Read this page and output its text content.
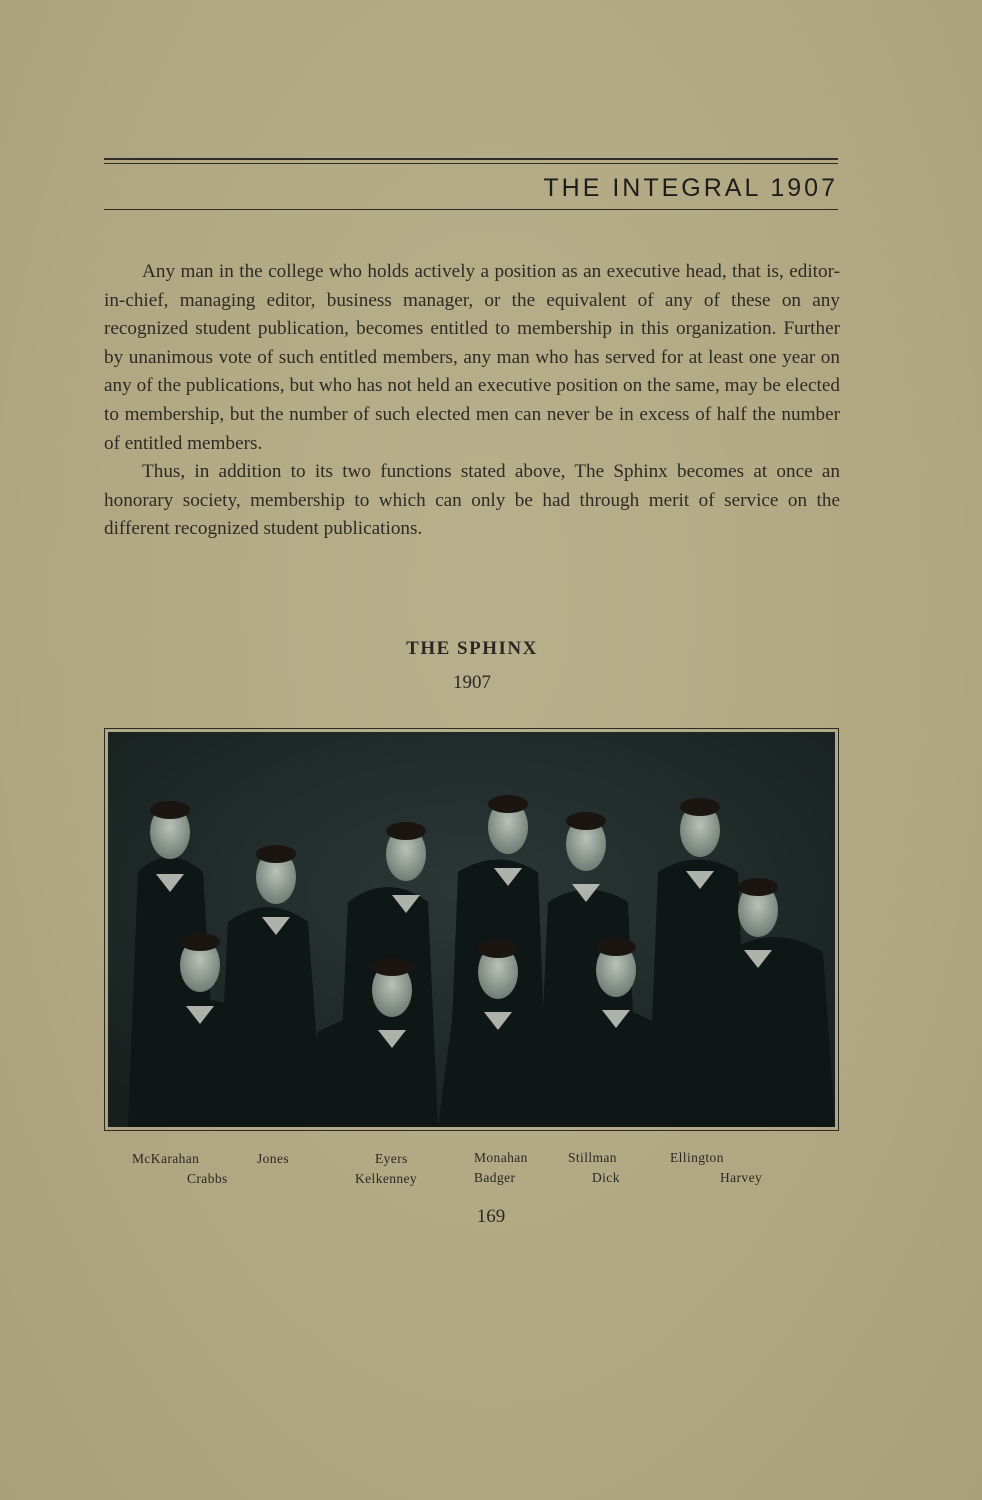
THE INTEGRAL 1907

Any man in the college who holds actively a position as an executive head, that is, editor-in-chief, managing editor, business manager, or the equivalent of any of these on any recognized student publication, becomes entitled to membership in this organization. Further by unanimous vote of such entitled members, any man who has served for at least one year on any of the publications, but who has not held an executive position on the same, may be elected to membership, but the number of such elected men can never be in excess of half the number of entitled members.

Thus, in addition to its two functions stated above, The Sphinx becomes at once an honorary society, membership to which can only be had through merit of service on the different recognized student publications.

THE SPHINX
1907
McKarahan	Jones	Eyers	Monahan	Stillman	Ellington
Crabbs	Kelkenney	Badger	Dick	Harvey
169
